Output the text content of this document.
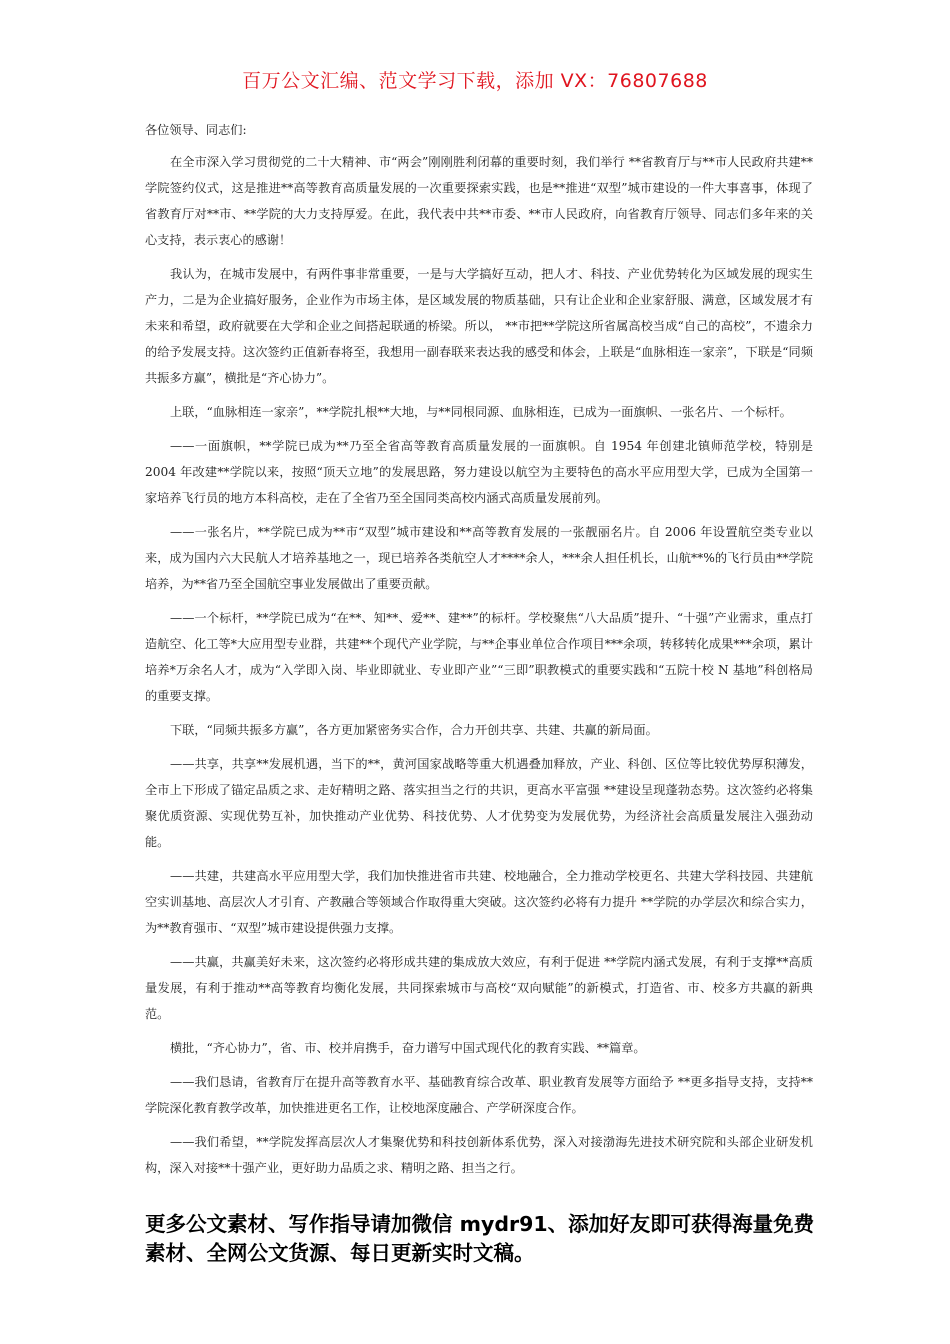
百万公文汇编、范文学习下载，添加 VX：76807688

各位领导、同志们:

在全市深入学习贯彻党的二十大精神、市“两会”刚刚胜利闭幕的重要时刻，我们举行 **省教育厅与**市人民政府共建**学院签约仪式，这是推进**高等教育高质量发展的一次重要探索实践，也是**推进“双型”城市建设的一件大事喜事，体现了省教育厅对**市、**学院的大力支持厚爱。在此，我代表中共**市委、**市人民政府，向省教育厅领导、同志们多年来的关心支持，表示衷心的感谢！

我认为，在城市发展中，有两件事非常重要，一是与大学搞好互动，把人才、科技、产业优势转化为区域发展的现实生产力，二是为企业搞好服务，企业作为市场主体，是区域发展的物质基础，只有让企业和企业家舒服、满意，区域发展才有未来和希望，政府就要在大学和企业之间搭起联通的桥梁。所以， **市把**学院这所省属高校当成“自己的高校”，不遗余力的给予发展支持。这次签约正值新春将至，我想用一副春联来表达我的感受和体会，上联是“血脉相连一家亲”，下联是“同频共振多方赢”，横批是“齐心协力”。

上联，“血脉相连一家亲”，**学院扎根**大地，与**同根同源、血脉相连，已成为一面旗帜、一张名片、一个标杆。

——一面旗帜，**学院已成为**乃至全省高等教育高质量发展的一面旗帜。自 1954 年创建北镇师范学校，特别是 2004 年改建**学院以来，按照“顶天立地”的发展思路，努力建设以航空为主要特色的高水平应用型大学，已成为全国第一家培养飞行员的地方本科高校，走在了全省乃至全国同类高校内涵式高质量发展前列。

——一张名片，**学院已成为**市“双型”城市建设和**高等教育发展的一张靓丽名片。自 2006 年设置航空类专业以来，成为国内六大民航人才培养基地之一，现已培养各类航空人才****余人，***余人担任机长，山航**%的飞行员由**学院培养，为**省乃至全国航空事业发展做出了重要贡献。

——一个标杆，**学院已成为“在**、知**、爱**、建**”的标杆。学校聚焦“八大品质”提升、“十强”产业需求，重点打造航空、化工等*大应用型专业群，共建**个现代产业学院，与**企事业单位合作项目***余项，转移转化成果***余项，累计培养*万余名人才，成为“入学即入岗、毕业即就业、专业即产业”“三即”职教模式的重要实践和“五院十校 N 基地”科创格局的重要支撑。

下联，“同频共振多方赢”，各方更加紧密务实合作，合力开创共享、共建、共赢的新局面。

——共享，共享**发展机遇，当下的**，黄河国家战略等重大机遇叠加释放，产业、科创、区位等比较优势厚积薄发，全市上下形成了锚定品质之求、走好精明之路、落实担当之行的共识，更高水平富强 **建设呈现蓬勃态势。这次签约必将集聚优质资源、实现优势互补，加快推动产业优势、科技优势、人才优势变为发展优势，为经济社会高质量发展注入强劲动能。

——共建，共建高水平应用型大学，我们加快推进省市共建、校地融合，全力推动学校更名、共建大学科技园、共建航空实训基地、高层次人才引育、产教融合等领域合作取得重大突破。这次签约必将有力提升 **学院的办学层次和综合实力，为**教育强市、“双型”城市建设提供强力支撑。

——共赢，共赢美好未来，这次签约必将形成共建的集成放大效应，有利于促进 **学院内涵式发展，有利于支撑**高质量发展，有利于推动**高等教育均衡化发展，共同探索城市与高校“双向赋能”的新模式，打造省、市、校多方共赢的新典范。

横批，“齐心协力”，省、市、校并肩携手，奋力谱写中国式现代化的教育实践、**篇章。

——我们恳请，省教育厅在提升高等教育水平、基础教育综合改革、职业教育发展等方面给予 **更多指导支持，支持**学院深化教育教学改革，加快推进更名工作，让校地深度融合、产学研深度合作。

——我们希望，**学院发挥高层次人才集聚优势和科技创新体系优势，深入对接渤海先进技术研究院和头部企业研发机构，深入对接**十强产业，更好助力品质之求、精明之路、担当之行。

更多公文素材、写作指导请加微信 mydr91、添加好友即可获得海量免费素材、全网公文货源、每日更新实时文稿。
